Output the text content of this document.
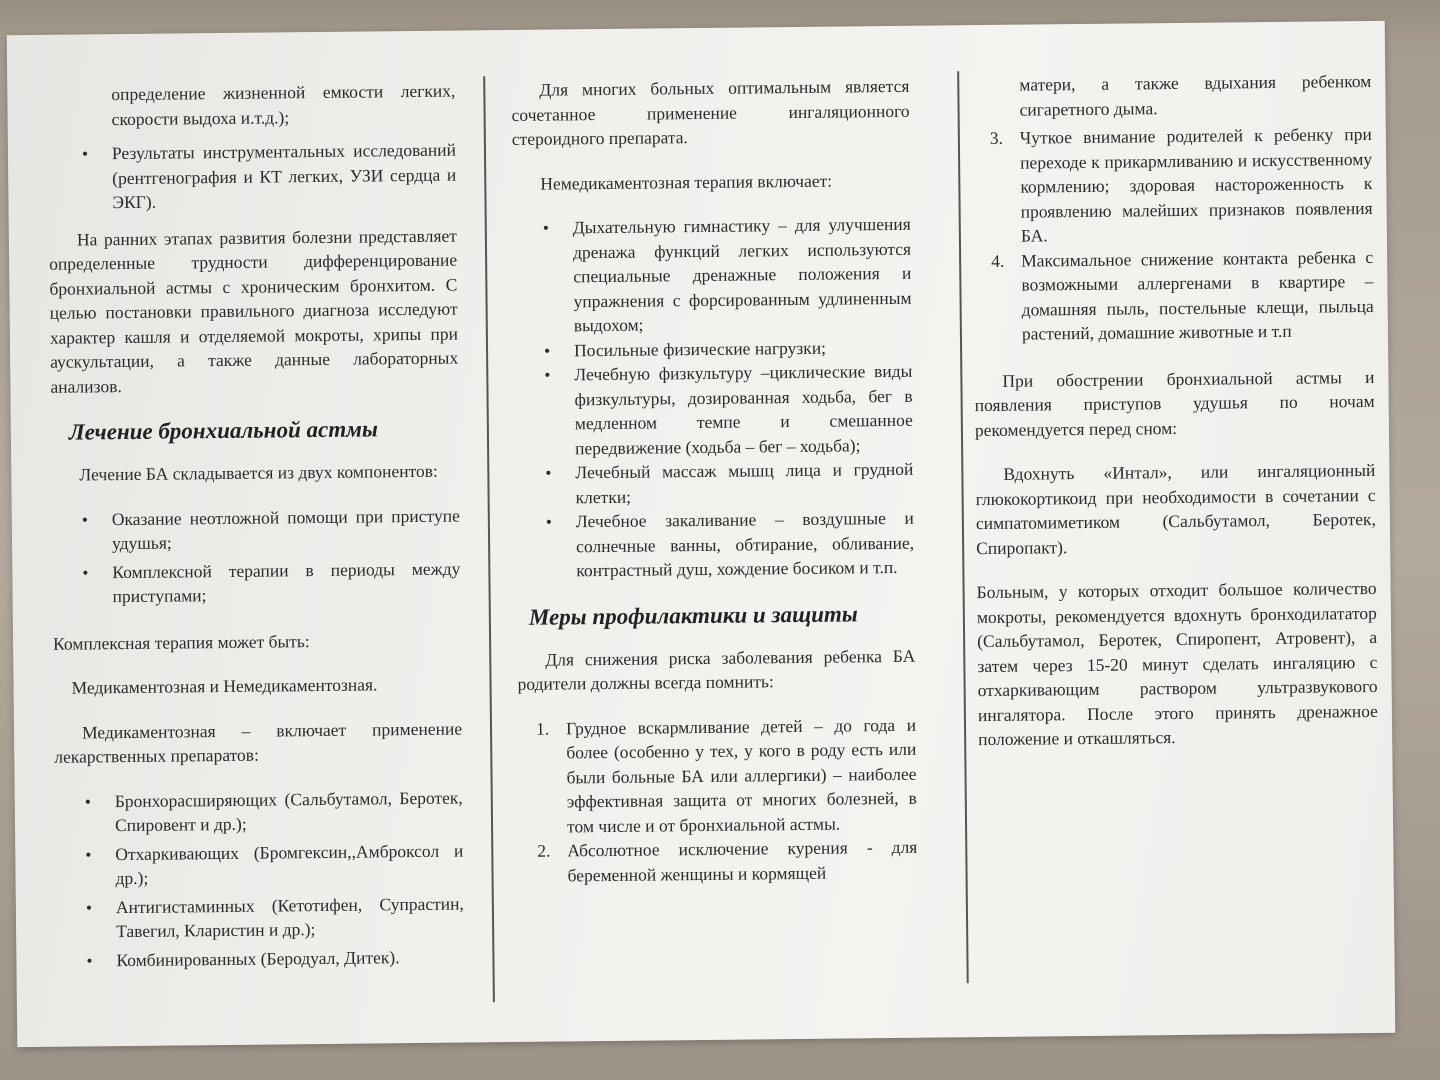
определение жизненной емкости легких, скорости выдоха и.т.д.);

• Результаты инструментальных исследований (рентгенография и КТ легких, УЗИ сердца и ЭКГ).

На ранних этапах развития болезни представляет определенные трудности дифференцирование бронхиальной астмы с хроническим бронхитом. С целью постановки правильного диагноза исследуют характер кашля и отделяемой мокроты, хрипы при аускультации, а также данные лабораторных анализов.

Лечение бронхиальной астмы

Лечение БА складывается из двух компонентов:

• Оказание неотложной помощи при приступе удушья;
• Комплексной терапии в периоды между приступами;

Комплексная терапия может быть:

Медикаментозная и Немедикаментозная.

Медикаментозная – включает применение лекарственных препаратов:

• Бронхорасширяющих (Сальбутамол, Беротек, Спировент и др.);
• Отхаркивающих (Бромгексин,,Амброксол и др.);
• Антигистаминных (Кетотифен, Супрастин, Тавегил, Кларистин и др.);
• Комбинированных (Беродуал, Дитек).

Для многих больных оптимальным является сочетанное применение ингаляционного стероидного препарата.

Немедикаментозная терапия включает:

• Дыхательную гимнастику – для улучшения дренажа функций легких используются специальные дренажные положения и упражнения с форсированным удлиненным выдохом;
• Посильные физические нагрузки;
• Лечебную физкультуру –циклические виды физкультуры, дозированная ходьба, бег в медленном темпе и смешанное передвижение (ходьба – бег – ходьба);
• Лечебный массаж мышц лица и грудной клетки;
• Лечебное закаливание – воздушные и солнечные ванны, обтирание, обливание, контрастный душ, хождение босиком и т.п.
Меры профилактики и защиты

Для снижения риска заболевания ребенка БА родители должны всегда помнить:

1. Грудное вскармливание детей – до года и более (особенно у тех, у кого в роду есть или были больные БА или аллергики) – наиболее эффективная защита от многих болезней, в том числе и от бронхиальной астмы.
2. Абсолютное исключение курения - для беременной женщины и кормящей

матери, а также вдыхания ребенком сигаретного дыма.

3. Чуткое внимание родителей к ребенку при переходе к прикармливанию и искусственному кормлению; здоровая настороженность к проявлению малейших признаков появления БА.
4. Максимальное снижение контакта ребенка с возможными аллергенами в квартире – домашняя пыль, постельные клещи, пыльца растений, домашние животные и т.п

При обострении бронхиальной астмы и появления приступов удушья по ночам рекомендуется перед сном:

Вдохнуть «Интал», или ингаляционный глюкокортикоид при необходимости в сочетании с симпатомиметиком (Сальбутамол, Беротек, Спиропакт).

Больным, у которых отходит большое количество мокроты, рекомендуется вдохнуть бронходилататор (Сальбутамол, Беротек, Спиропент, Атровент), а затем через 15-20 минут сделать ингаляцию с отхаркивающим раствором ультразвукового ингалятора. После этого принять дренажное положение и откашляться.
